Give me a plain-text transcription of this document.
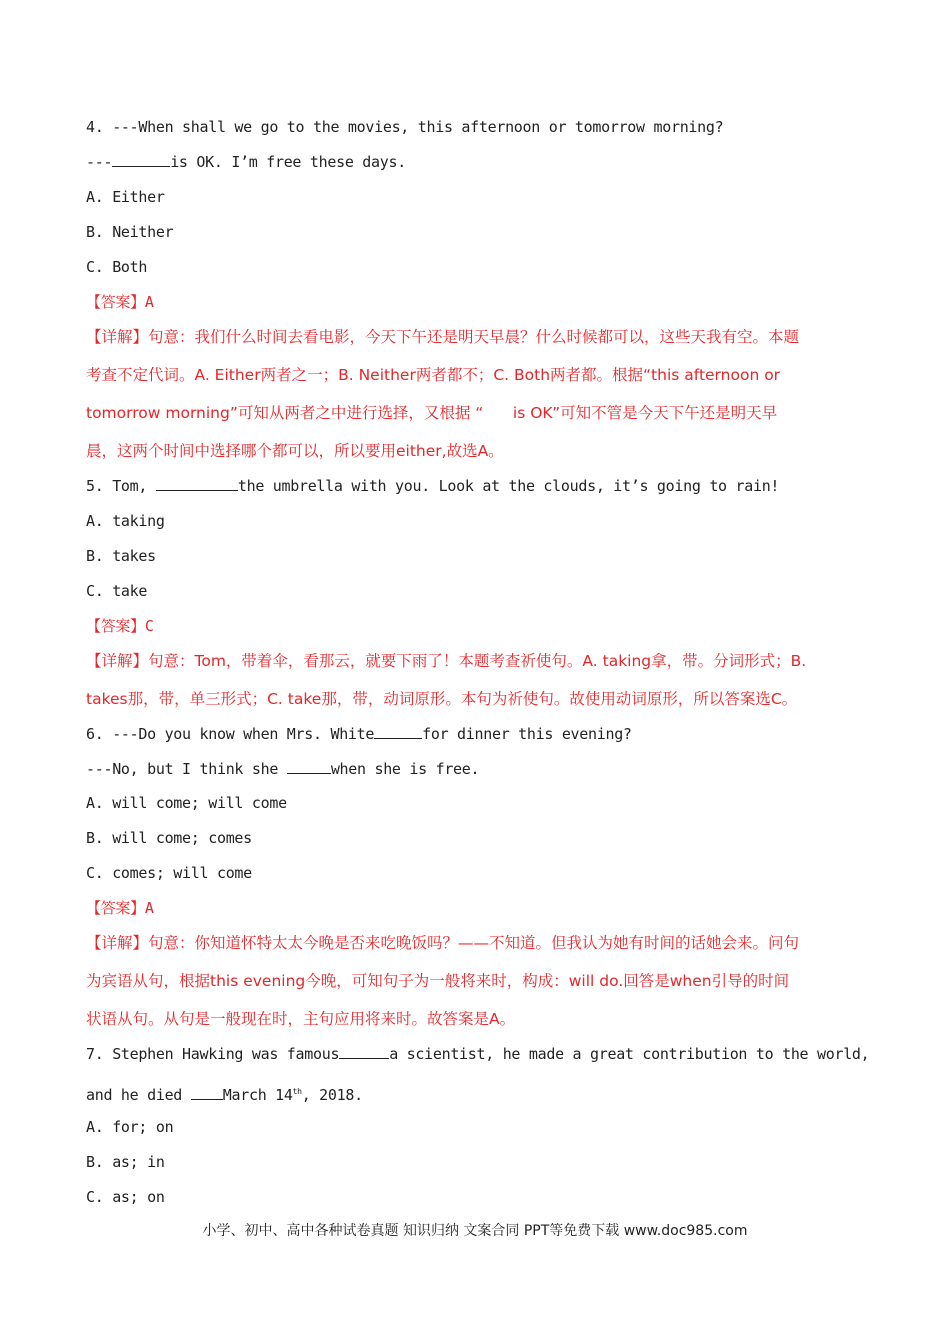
4. ---When shall we go to the movies, this afternoon or tomorrow morning?
---	is OK. I’m free these days.
A. Either
B. Neither
C. Both
【答案】A
【详解】句意：我们什么时间去看电影，今天下午还是明天早晨？什么时候都可以，这些天我有空。本题
考查不定代词。A. Either两者之一；B. Neither两者都不；C. Both两者都。根据“this afternoon or
tomorrow morning”可知从两者之中进行选择，又根据 “      is OK”可知不管是今天下午还是明天早
晨，这两个时间中选择哪个都可以，所以要用either,故选A。
5. Tom,	the umbrella with you. Look at the clouds, it’s going to rain!
A. taking
B. takes
C. take
【答案】C
【详解】句意：Tom，带着伞，看那云，就要下雨了！本题考查祈使句。A. taking拿，带。分词形式；B.
takes那，带，单三形式；C. take那，带，动词原形。本句为祈使句。故使用动词原形，所以答案选C。
6. ---Do you know when Mrs. White	for dinner this evening?
---No, but I think she	when she is free.
A. will come; will come
B. will come; comes
C. comes; will come
【答案】A
【详解】句意：你知道怀特太太今晚是否来吃晚饭吗？——不知道。但我认为她有时间的话她会来。问句
为宾语从句，根据this evening今晚，可知句子为一般将来时，构成：will do.回答是when引导的时间
状语从句。从句是一般现在时，主句应用将来时。故答案是A。
7. Stephen Hawking was famous	a scientist, he made a great contribution to the world,
and he died March 14th, 2018.
A. for; on
B. as; in
C. as; on
小学、初中、高中各种试卷真题 知识归纳 文案合同 PPT等免费下载 www.doc985.com
